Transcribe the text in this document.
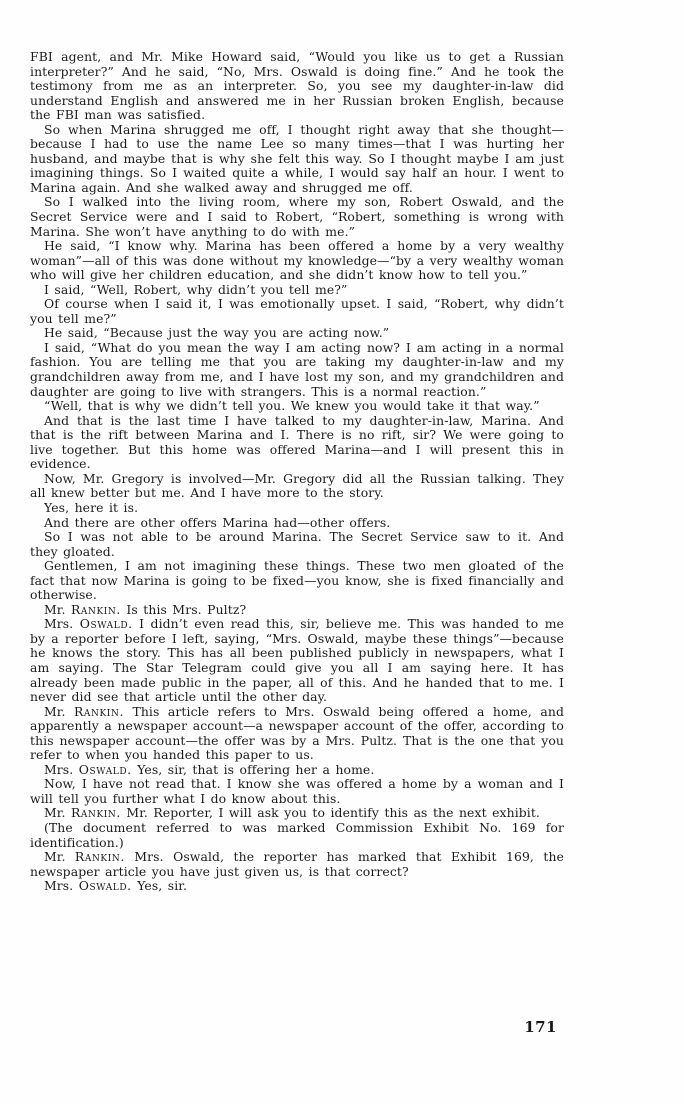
FBI agent, and Mr. Mike Howard said, “Would you like us to get a Russian interpreter?” And he said, “No, Mrs. Oswald is doing fine.” And he took the testimony from me as an interpreter. So, you see my daughter-in-law did understand English and answered me in her Russian broken English, because the FBI man was satisfied.

So when Marina shrugged me off, I thought right away that she thought—because I had to use the name Lee so many times—that I was hurting her husband, and maybe that is why she felt this way. So I thought maybe I am just imagining things. So I waited quite a while, I would say half an hour. I went to Marina again. And she walked away and shrugged me off.

So I walked into the living room, where my son, Robert Oswald, and the Secret Service were and I said to Robert, “Robert, something is wrong with Marina. She won’t have anything to do with me.”

He said, “I know why. Marina has been offered a home by a very wealthy woman”—all of this was done without my knowledge—“by a very wealthy woman who will give her children education, and she didn’t know how to tell you.”

I said, “Well, Robert, why didn’t you tell me?”

Of course when I said it, I was emotionally upset. I said, “Robert, why didn’t you tell me?”

He said, “Because just the way you are acting now.”

I said, “What do you mean the way I am acting now? I am acting in a normal fashion. You are telling me that you are taking my daughter-in-law and my grandchildren away from me, and I have lost my son, and my grandchildren and daughter are going to live with strangers. This is a normal reaction.”

“Well, that is why we didn’t tell you. We knew you would take it that way.”

And that is the last time I have talked to my daughter-in-law, Marina. And that is the rift between Marina and I. There is no rift, sir? We were going to live together. But this home was offered Marina—and I will present this in evidence.

Now, Mr. Gregory is involved—Mr. Gregory did all the Russian talking. They all knew better but me. And I have more to the story.

Yes, here it is.

And there are other offers Marina had—other offers.

So I was not able to be around Marina. The Secret Service saw to it. And they gloated.

Gentlemen, I am not imagining these things. These two men gloated of the fact that now Marina is going to be fixed—you know, she is fixed financially and otherwise.

Mr. Rankin. Is this Mrs. Pultz?

Mrs. Oswald. I didn’t even read this, sir, believe me. This was handed to me by a reporter before I left, saying, “Mrs. Oswald, maybe these things”—because he knows the story. This has all been published publicly in newspapers, what I am saying. The Star Telegram could give you all I am saying here. It has already been made public in the paper, all of this. And he handed that to me. I never did see that article until the other day.

Mr. Rankin. This article refers to Mrs. Oswald being offered a home, and apparently a newspaper account—a newspaper account of the offer, according to this newspaper account—the offer was by a Mrs. Pultz. That is the one that you refer to when you handed this paper to us.

Mrs. Oswald. Yes, sir, that is offering her a home.

Now, I have not read that. I know she was offered a home by a woman and I will tell you further what I do know about this.

Mr. Rankin. Mr. Reporter, I will ask you to identify this as the next exhibit.

(The document referred to was marked Commission Exhibit No. 169 for identification.)

Mr. Rankin. Mrs. Oswald, the reporter has marked that Exhibit 169, the newspaper article you have just given us, is that correct?

Mrs. Oswald. Yes, sir.

171
